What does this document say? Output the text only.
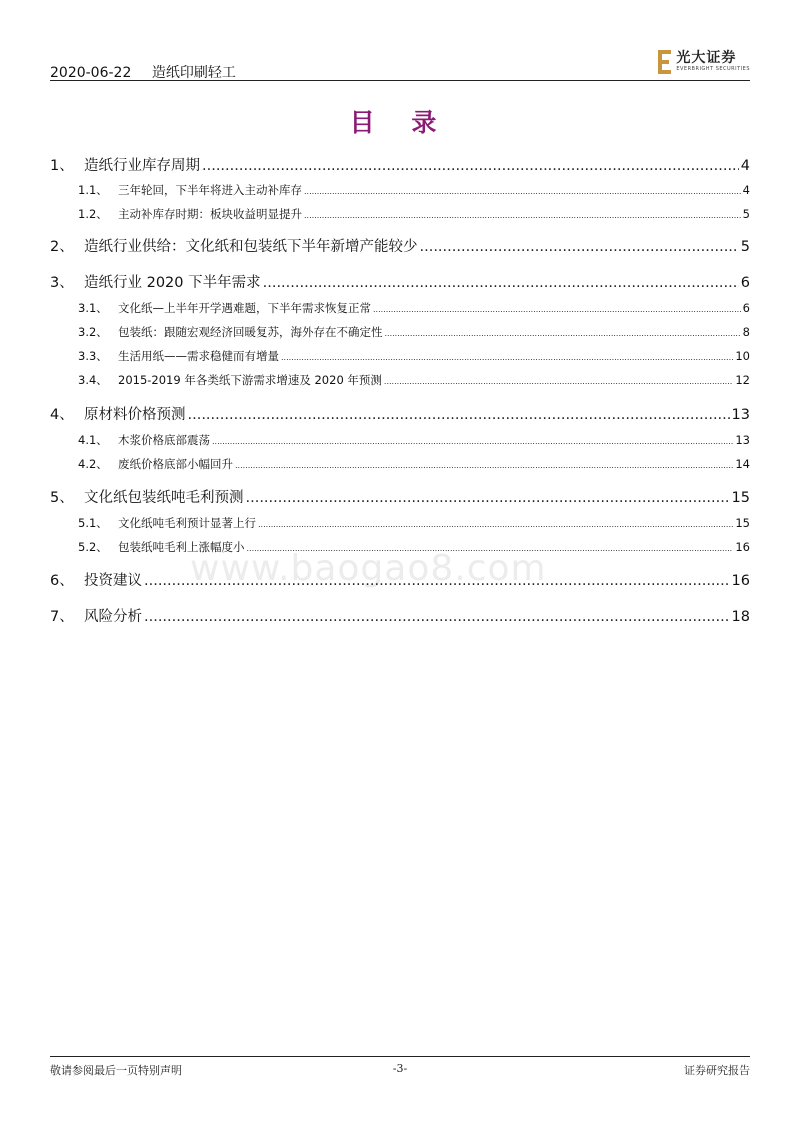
2020-06-22 造纸印刷轻工
光大证券
EVERBRIGHT SECURITIES
目 录
www.baogao8.com
1、 造纸行业库存周期 .....	4
1.1、 三年轮回，下半年将进入主动补库存 .....	4
1.2、 主动补库存时期：板块收益明显提升 .....	5
2、 造纸行业供给：文化纸和包装纸下半年新增产能较少 .....	5
3、 造纸行业 2020 下半年需求 .....	6
3.1、 文化纸—上半年开学遇难题，下半年需求恢复正常 .....	6
3.2、 包装纸：跟随宏观经济回暖复苏，海外存在不确定性 .....	8
3.3、 生活用纸——需求稳健而有增量 .....	10
3.4、 2015-2019 年各类纸下游需求增速及 2020 年预测 .....	12
4、 原材料价格预测 .....	13
4.1、 木浆价格底部震荡 .....	13
4.2、 废纸价格底部小幅回升 .....	14
5、 文化纸包装纸吨毛利预测 .....	15
5.1、 文化纸吨毛利预计显著上行 .....	15
5.2、 包装纸吨毛利上涨幅度小 .....	16
6、 投资建议 .....	16
7、 风险分析 .....	18
敬请参阅最后一页特别声明	-3-	证券研究报告
